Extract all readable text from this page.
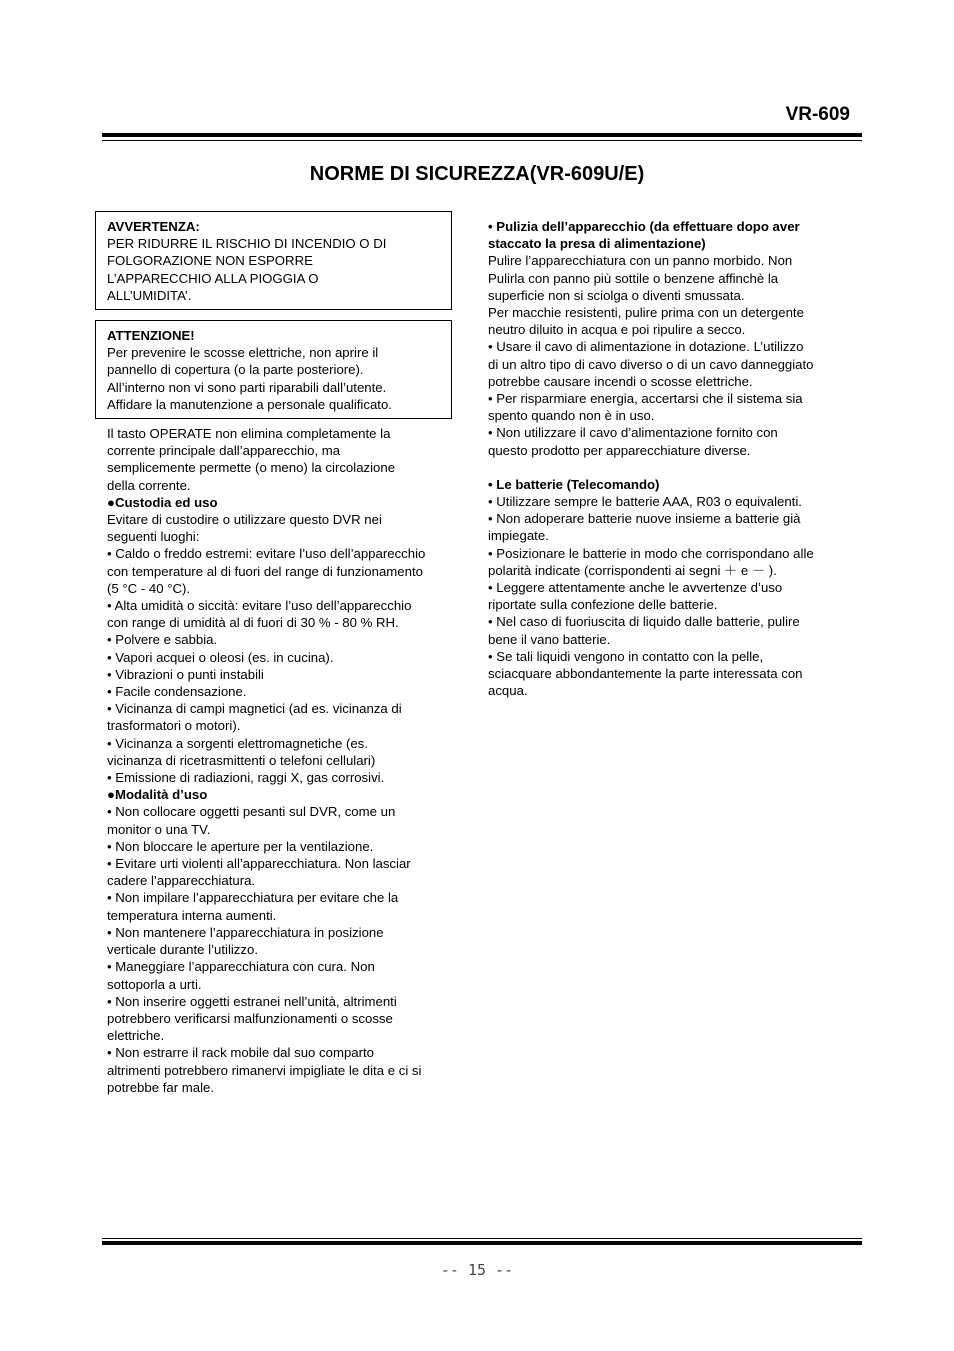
VR-609
NORME DI SICUREZZA(VR-609U/E)
AVVERTENZA:
PER RIDURRE IL RISCHIO DI INCENDIO O DI
FOLGORAZIONE NON ESPORRE
L’APPARECCHIO ALLA PIOGGIA O
ALL’UMIDITA’.
ATTENZIONE!
Per prevenire le scosse elettriche, non aprire il
pannello di copertura (o la parte posteriore).
All’interno non vi sono parti riparabili dall’utente.
Affidare la manutenzione a personale qualificato.

Il tasto OPERATE non elimina completamente la

corrente principale dall’apparecchio, ma

semplicemente permette (o meno) la circolazione

della corrente.

●Custodia ed uso

Evitare di custodire o utilizzare questo DVR nei

seguenti luoghi:

• Caldo o freddo estremi: evitare l’uso dell’apparecchio

con temperature al di fuori del range di funzionamento

(5 °C - 40 °C).

• Alta umidità o siccità: evitare l’uso dell’apparecchio

con range di umidità al di fuori di 30 % - 80 % RH.

• Polvere e sabbia.

• Vapori acquei o oleosi (es. in cucina).

• Vibrazioni o punti instabili

• Facile condensazione.

• Vicinanza di campi magnetici (ad es. vicinanza di

trasformatori o motori).

• Vicinanza a sorgenti elettromagnetiche (es.

vicinanza di ricetrasmittenti o telefoni cellulari)

• Emissione di radiazioni, raggi X, gas corrosivi.

●Modalità d’uso

• Non collocare oggetti pesanti sul DVR, come un

monitor o una TV.

• Non bloccare le aperture per la ventilazione.

• Evitare urti violenti all’apparecchiatura. Non lasciar

cadere l’apparecchiatura.

• Non impilare l’apparecchiatura per evitare che la

temperatura interna aumenti.

• Non mantenere l’apparecchiatura in posizione

verticale durante l’utilizzo.

• Maneggiare l’apparecchiatura con cura. Non

sottoporla a urti.

• Non inserire oggetti estranei nell’unità, altrimenti

potrebbero verificarsi malfunzionamenti o scosse

elettriche.

• Non estrarre il rack mobile dal suo comparto

altrimenti potrebbero rimanervi impigliate le dita e ci si

potrebbe far male.

• Pulizia dell’apparecchio (da effettuare dopo aver

staccato la presa di alimentazione)

Pulire l’apparecchiatura con un panno morbido. Non

Pulirla con panno più sottile o benzene affinchè la

superficie non si sciolga o diventi smussata.

Per macchie resistenti, pulire prima con un detergente

neutro diluito in acqua e poi ripulire a secco.

• Usare il cavo di alimentazione in dotazione. L’utilizzo

di un altro tipo di cavo diverso o di un cavo danneggiato

potrebbe causare incendi o scosse elettriche.

• Per risparmiare energia, accertarsi che il sistema sia

spento quando non è in uso.

• Non utilizzare il cavo d’alimentazione fornito con

questo prodotto per apparecchiature diverse.

• Le batterie (Telecomando)

• Utilizzare sempre le batterie AAA, R03 o equivalenti.

• Non adoperare batterie nuove insieme a batterie già

impiegate.

• Posizionare le batterie in modo che corrispondano alle

polarità indicate (corrispondenti ai segni ＋ e － ).

• Leggere attentamente anche le avvertenze d’uso

riportate sulla confezione delle batterie.

• Nel caso di fuoriuscita di liquido dalle batterie, pulire

bene il vano batterie.

• Se tali liquidi vengono in contatto con la pelle,

sciacquare abbondantemente la parte interessata con

acqua.

-- 15 --
